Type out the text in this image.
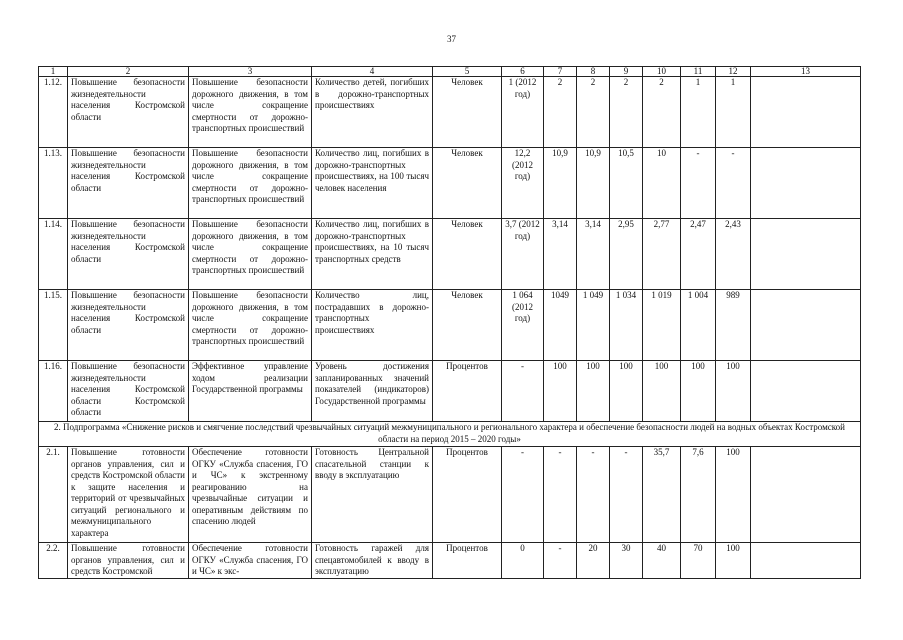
37
1	2	3	4	5	6	7	8	9	10	11	12	13
1.12.	Повышение безопасности жизнедеятельности населения Костромской области	Повышение безопасности дорожного движения, в том числе сокращение смертности от дорожно-транспортных происшествий	Количество детей, погибших в дорожно-транспортных происшествиях	Человек	1 (2012 год)	2	2	2	2	1	1	
1.13.	Повышение безопасности жизнедеятельности населения Костромской области	Повышение безопасности дорожного движения, в том числе сокращение смертности от дорожно-транспортных происшествий	Количество лиц, погибших в дорожно-транспортных происшествиях, на 100 тысяч человек населения	Человек	12,2 (2012 год)	10,9	10,9	10,5	10	-	-	
1.14.	Повышение безопасности жизнедеятельности населения Костромской области	Повышение безопасности дорожного движения, в том числе сокращение смертности от дорожно-транспортных происшествий	Количество лиц, погибших в дорожно-транспортных происшествиях, на 10 тысяч транспортных средств	Человек	3,7 (2012 год)	3,14	3,14	2,95	2,77	2,47	2,43	
1.15.	Повышение безопасности жизнедеятельности населения Костромской области	Повышение безопасности дорожного движения, в том числе сокращение смертности от дорожно-транспортных происшествий	Количество лиц, пострадавших в дорожно-транспортных происшествиях	Человек	1 064 (2012 год)	1049	1 049	1 034	1 019	1 004	989	
1.16.	Повышение безопасности жизнедеятельности населения Костромской области Костромской области	Эффективное управление ходом реализации Государственной программы	Уровень достижения запланированных значений показателей (индикаторов) Государственной программы	Процентов	-	100	100	100	100	100	100	
2. Подпрограмма «Снижение рисков и смягчение последствий чрезвычайных ситуаций межмуниципального и регионального характера и обеспечение безопасности людей на водных объектах Костромской области на период 2015 – 2020 годы»												
2.1.	Повышение готовности органов управления, сил и средств Костромской области к защите населения и территорий от чрезвычайных ситуаций регионального и межмуниципального характера	Обеспечение готовности ОГКУ «Служба спасения, ГО и ЧС» к экстренному реагированию на чрезвычайные ситуации и оперативным действиям по спасению людей	Готовность Центральной спасательной станции к вводу в эксплуатацию	Процентов	-	-	-	-	35,7	7,6	100	
2.2.	Повышение готовности органов управления, сил и средств Костромской	Обеспечение готовности ОГКУ «Служба спасения, ГО и ЧС» к экс-	Готовность гаражей для спецавтомобилей к вводу в эксплуатацию	Процентов	0	-	20	30	40	70	100	
